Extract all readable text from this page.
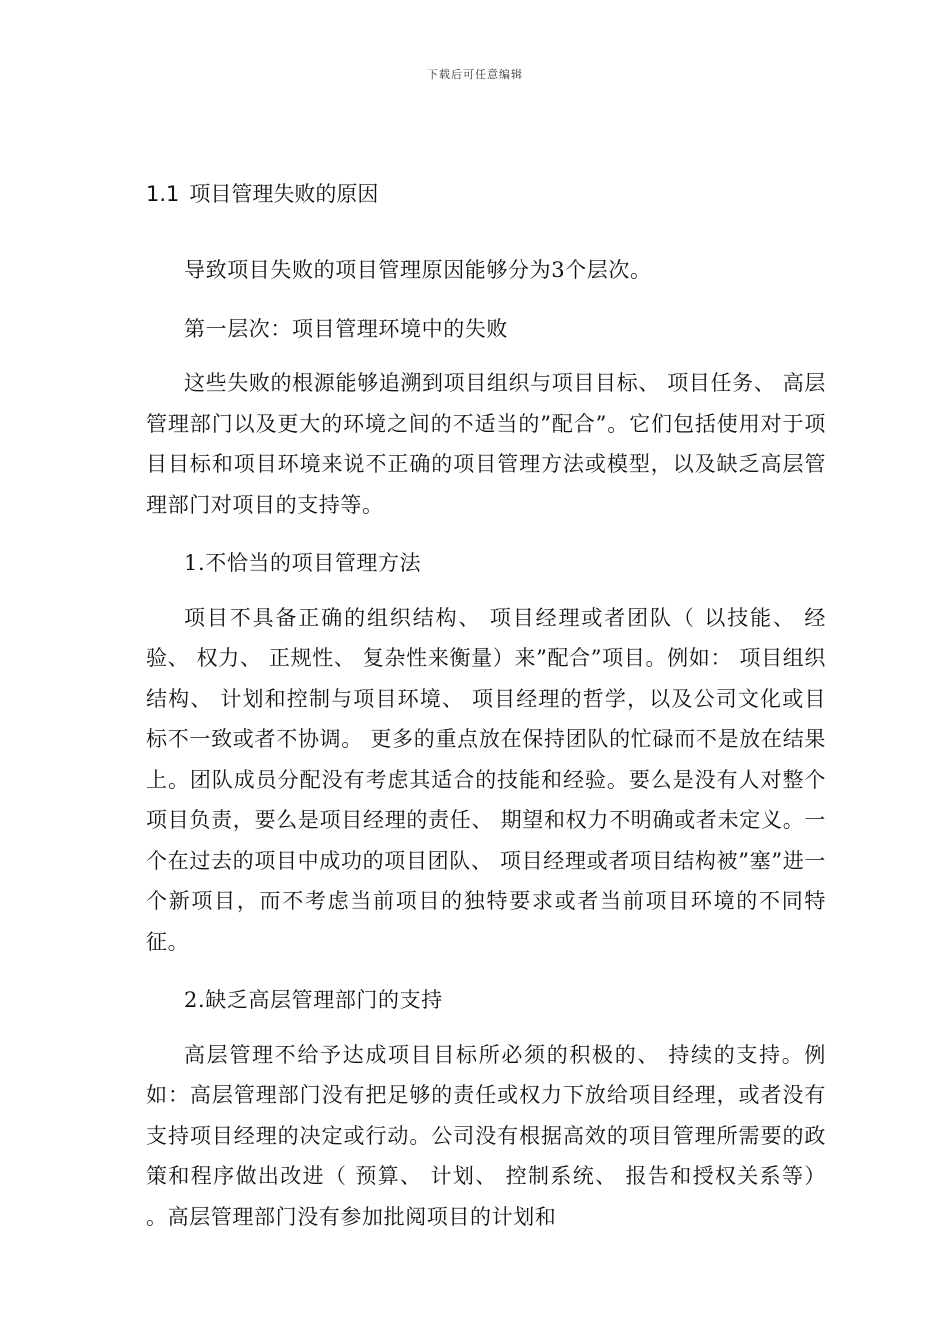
下载后可任意编辑
1.1 项目管理失败的原因

导致项目失败的项目管理原因能够分为3个层次。

第一层次：项目管理环境中的失败

这些失败的根源能够追溯到项目组织与项目目标、 项目任务、 高层管理部门以及更大的环境之间的不适当的”配合”。它们包括使用对于项目目标和项目环境来说不正确的项目管理方法或模型，以及缺乏高层管理部门对项目的支持等。

1.不恰当的项目管理方法

项目不具备正确的组织结构、 项目经理或者团队（ 以技能、 经验、 权力、 正规性、 复杂性来衡量）来”配合”项目。例如： 项目组织结构、 计划和控制与项目环境、 项目经理的哲学，以及公司文化或目标不一致或者不协调。 更多的重点放在保持团队的忙碌而不是放在结果上。团队成员分配没有考虑其适合的技能和经验。要么是没有人对整个项目负责，要么是项目经理的责任、 期望和权力不明确或者未定义。一个在过去的项目中成功的项目团队、 项目经理或者项目结构被”塞”进一个新项目，而不考虑当前项目的独特要求或者当前项目环境的不同特征。

2.缺乏高层管理部门的支持

高层管理不给予达成项目目标所必须的积极的、 持续的支持。例如：高层管理部门没有把足够的责任或权力下放给项目经理，或者没有支持项目经理的决定或行动。公司没有根据高效的项目管理所需要的政策和程序做出改进（ 预算、 计划、 控制系统、 报告和授权关系等） 。高层管理部门没有参加批阅项目的计划和
